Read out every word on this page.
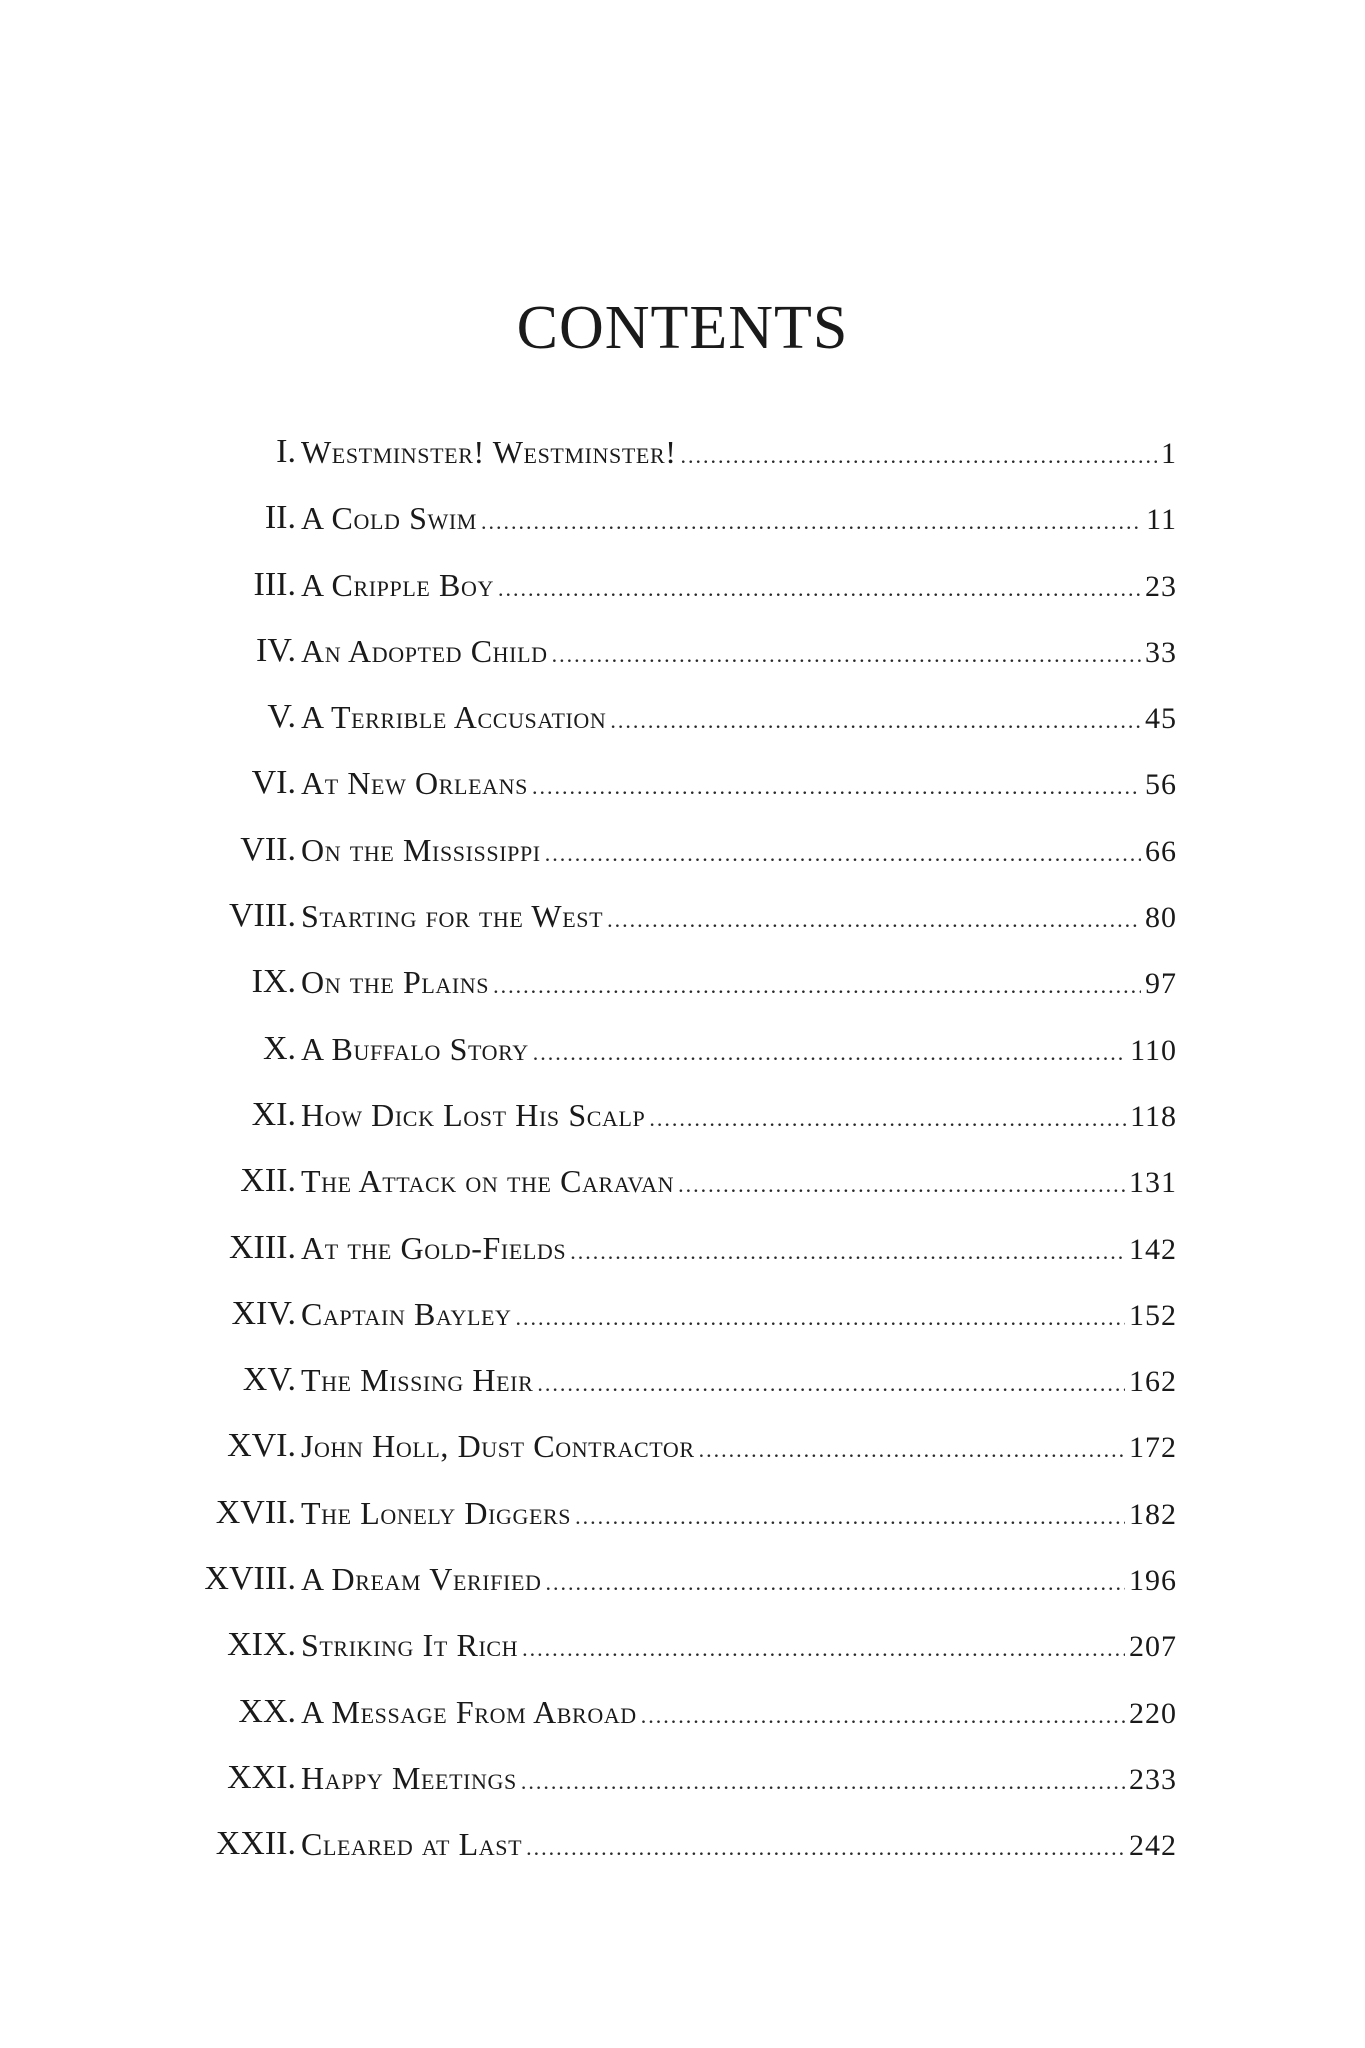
CONTENTS
I. Westminster! Westminster! .....	1
II. A Cold Swim .....	11
III. A Cripple Boy .....	23
IV. An Adopted Child .....	33
V. A Terrible Accusation .....	45
VI. At New Orleans .....	56
VII. On the Mississippi .....	66
VIII. Starting for the West .....	80
IX. On the Plains .....	97
X. A Buffalo Story .....	110
XI. How Dick Lost His Scalp .....	118
XII. The Attack on the Caravan .....	131
XIII. At the Gold-Fields .....	142
XIV. Captain Bayley .....	152
XV. The Missing Heir .....	162
XVI. John Holl, Dust Contractor .....	172
XVII. The Lonely Diggers .....	182
XVIII. A Dream Verified .....	196
XIX. Striking It Rich .....	207
XX. A Message From Abroad .....	220
XXI. Happy Meetings .....	233
XXII. Cleared at Last .....	242
